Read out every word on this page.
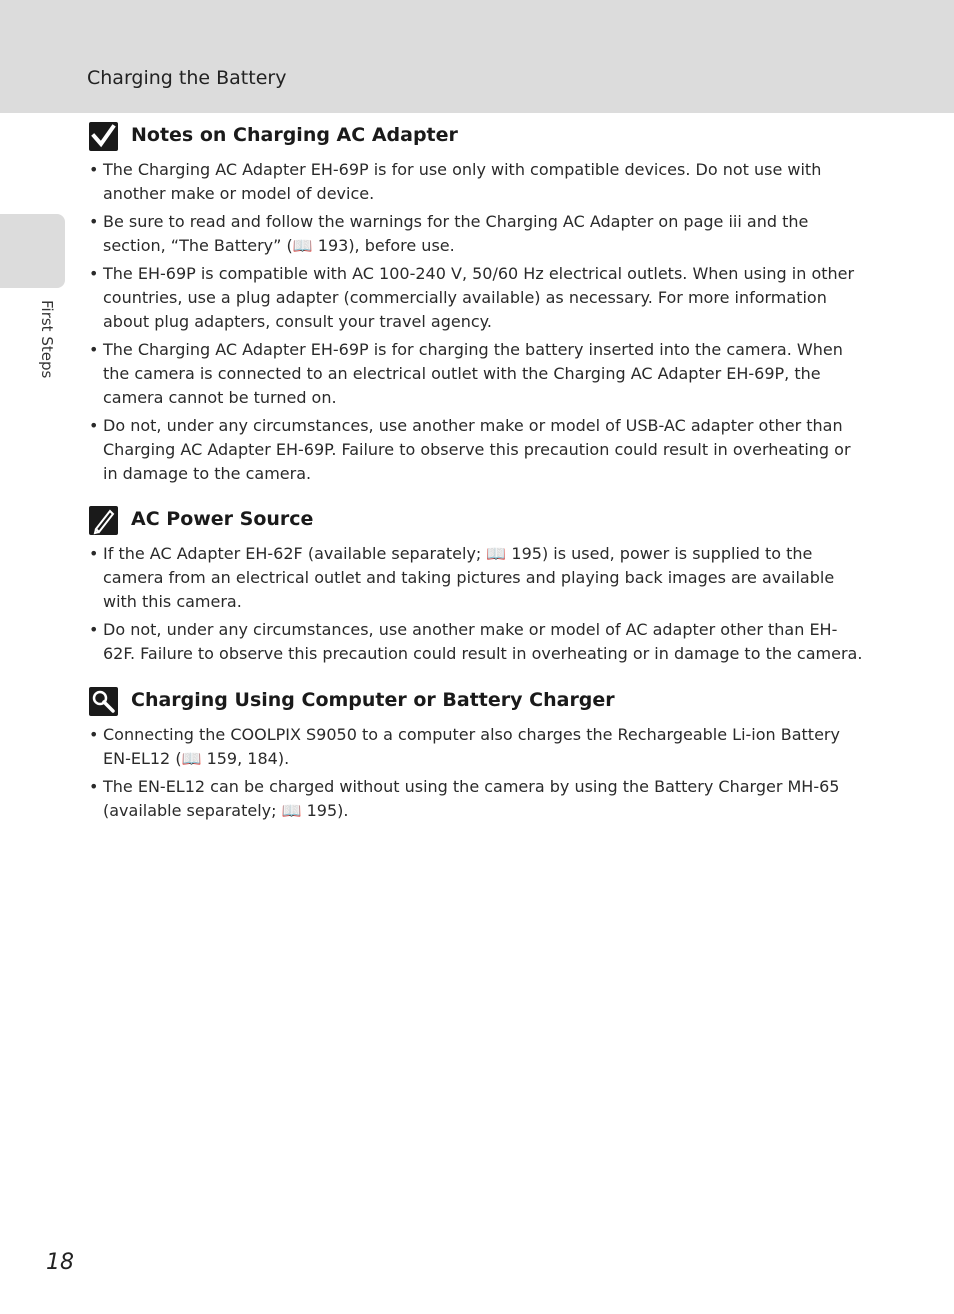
Charging the Battery
First Steps
Notes on Charging AC Adapter
• The Charging AC Adapter EH-69P is for use only with compatible devices. Do not use with another make or model of device.
• Be sure to read and follow the warnings for the Charging AC Adapter on page iii and the section, “The Battery” (📖 193), before use.
• The EH-69P is compatible with AC 100-240 V, 50/60 Hz electrical outlets. When using in other countries, use a plug adapter (commercially available) as necessary. For more information about plug adapters, consult your travel agency.
• The Charging AC Adapter EH-69P is for charging the battery inserted into the camera. When the camera is connected to an electrical outlet with the Charging AC Adapter EH-69P, the camera cannot be turned on.
• Do not, under any circumstances, use another make or model of USB-AC adapter other than Charging AC Adapter EH-69P. Failure to observe this precaution could result in overheating or in damage to the camera.
AC Power Source
• If the AC Adapter EH-62F (available separately; 📖 195) is used, power is supplied to the camera from an electrical outlet and taking pictures and playing back images are available with this camera.
• Do not, under any circumstances, use another make or model of AC adapter other than EH-62F. Failure to observe this precaution could result in overheating or in damage to the camera.
Charging Using Computer or Battery Charger
• Connecting the COOLPIX S9050 to a computer also charges the Rechargeable Li-ion Battery EN-EL12 (📖 159, 184).
• The EN-EL12 can be charged without using the camera by using the Battery Charger MH-65 (available separately; 📖 195).
18
